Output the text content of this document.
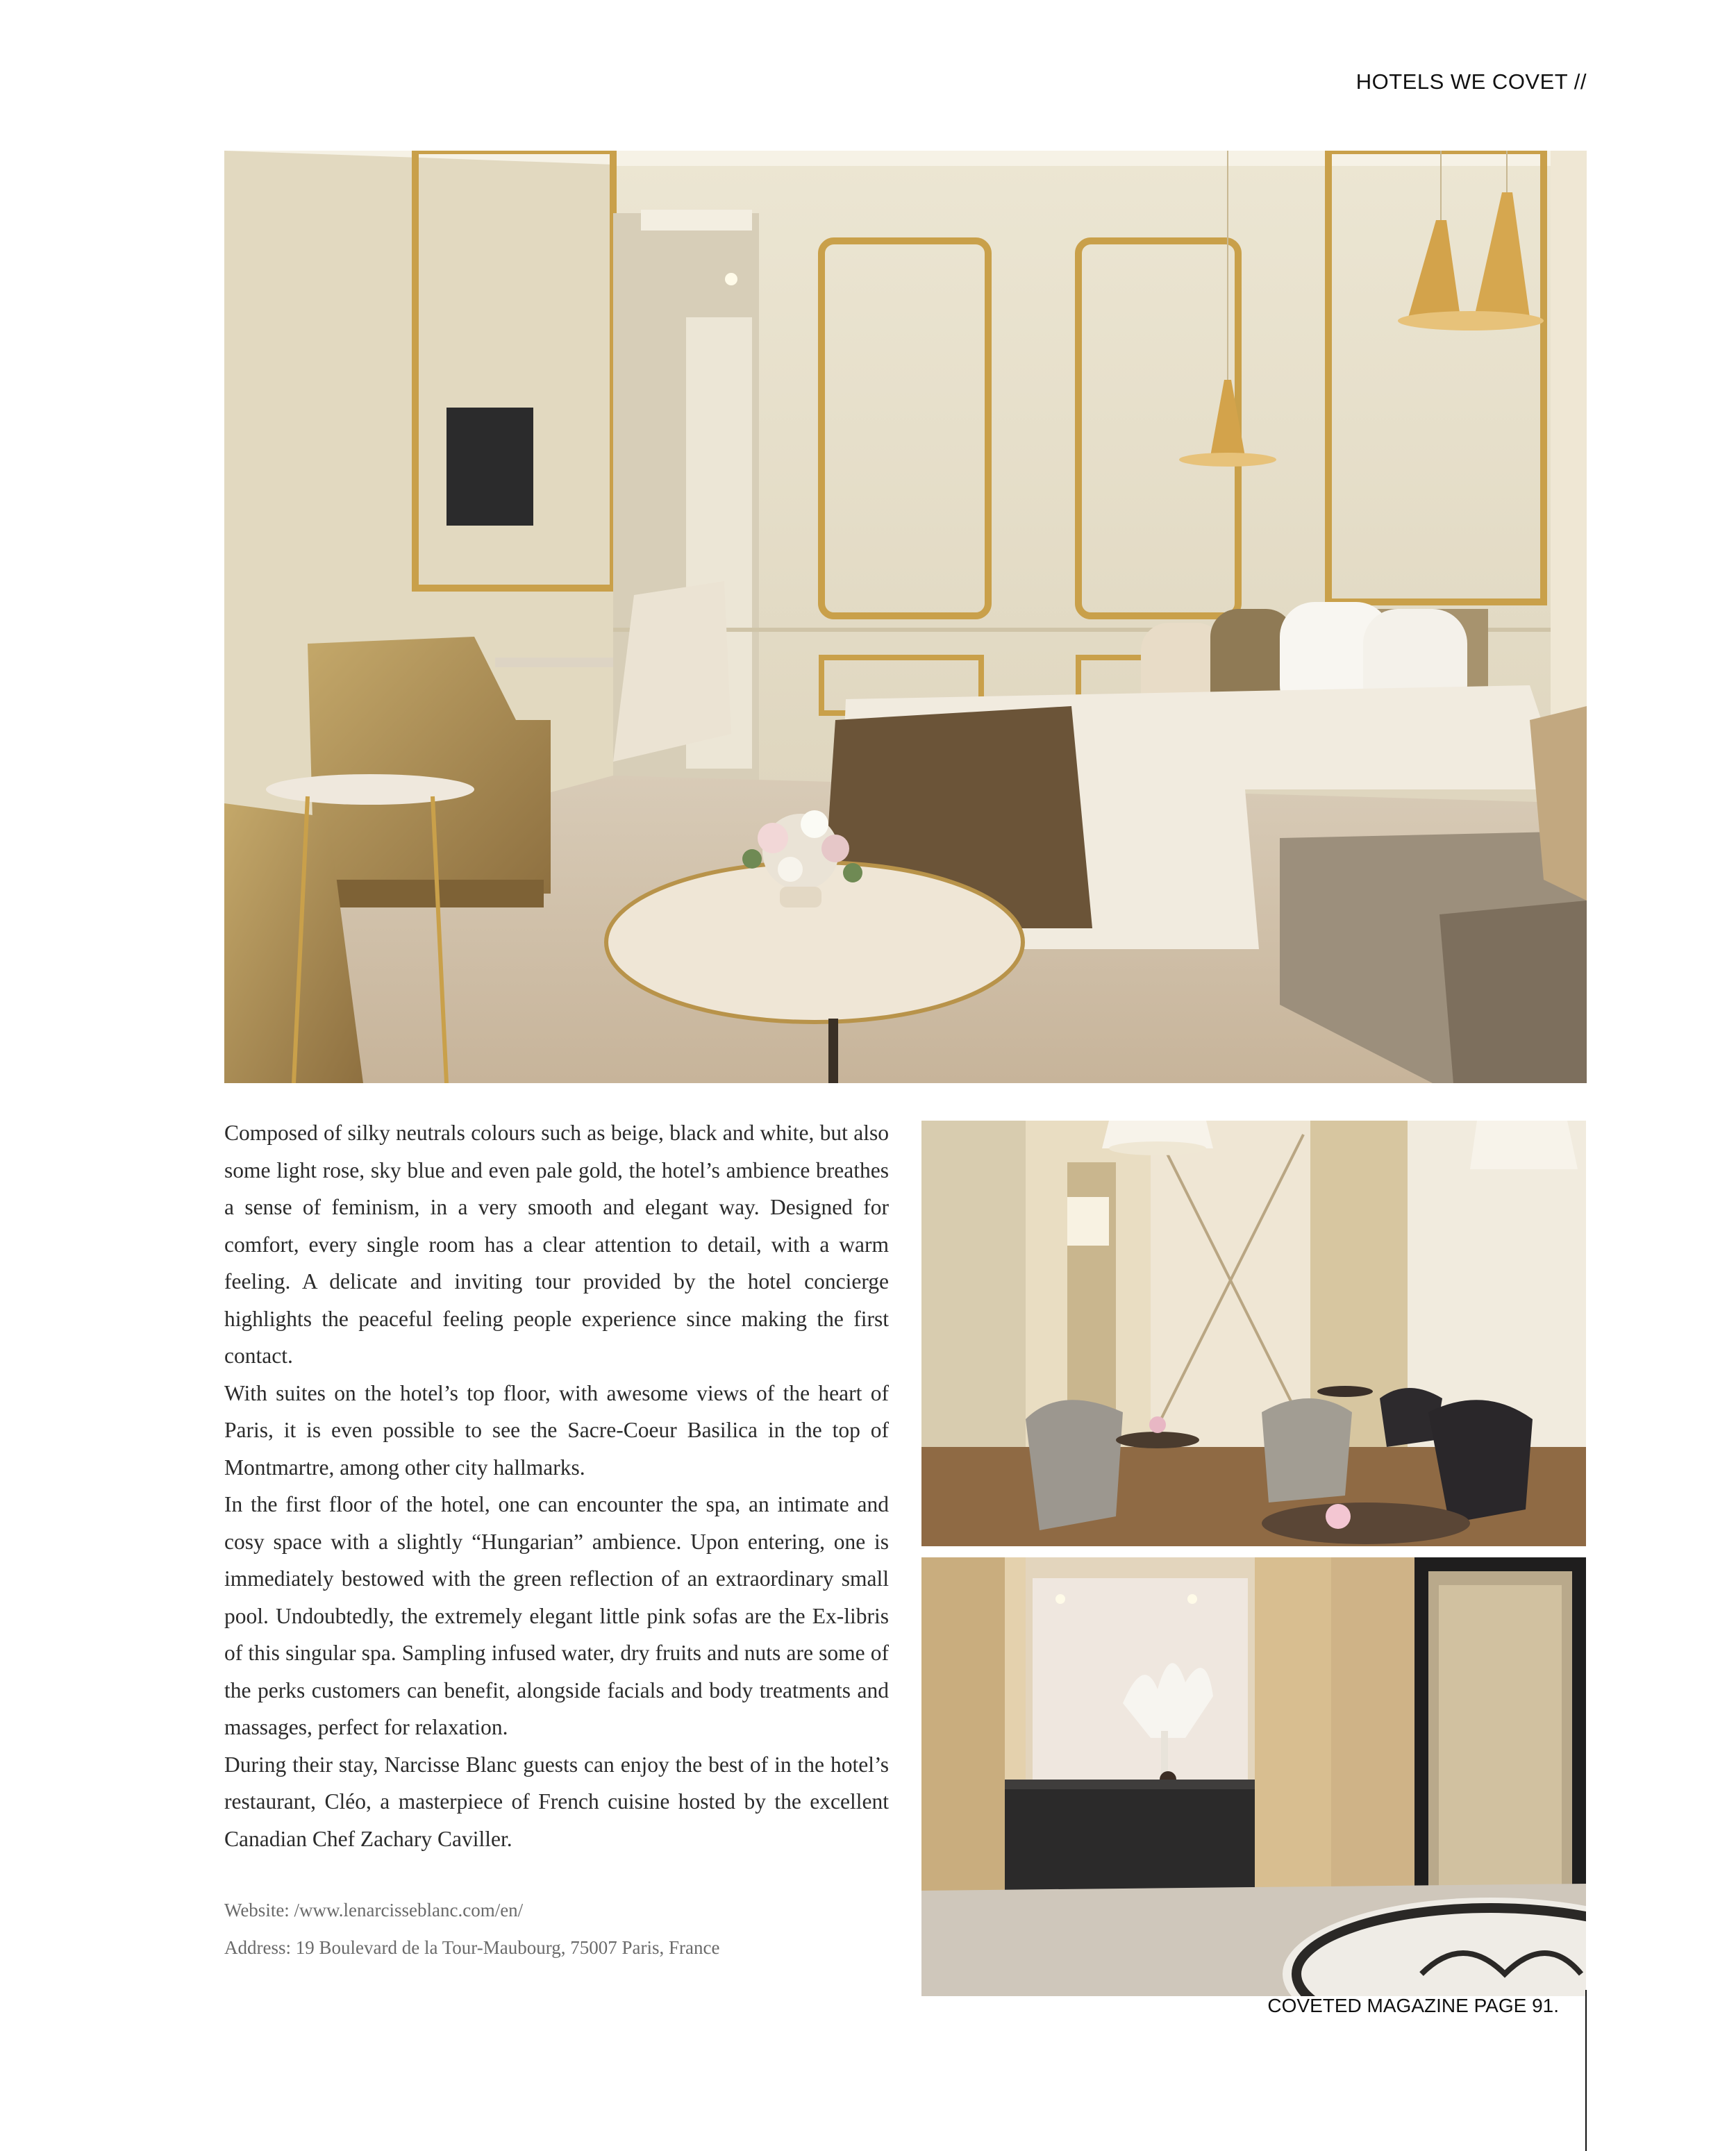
HOTELS WE COVET //

Composed of silky neutrals colours such as beige, black and white, but also some light rose, sky blue and even pale gold, the hotel’s ambience breathes a sense of feminism, in a very smooth and elegant way. Designed for comfort, every single room has a clear attention to detail, with a warm feeling. A delicate and inviting tour provided by the hotel concierge highlights the peaceful feeling people experience since making the first contact.

With suites on the hotel’s top floor, with awesome views of the heart of Paris, it is even possible to see the Sacre-Coeur Basilica in the top of Montmartre, among other city hallmarks.

In the first floor of the hotel, one can encounter the spa, an intimate and cosy space with a slightly “Hungarian” ambience. Upon entering, one is immediately bestowed with the green reflection of an extraordinary small pool. Undoubtedly, the extremely elegant little pink sofas are the Ex-libris of this singular spa. Sampling infused water, dry fruits and nuts are some of the perks customers can benefit, alongside facials and body treatments and massages, perfect for relaxation.

During their stay, Narcisse Blanc guests can enjoy the best of in the hotel’s restaurant, Cléo, a masterpiece of French cuisine hosted by the excellent Canadian Chef Zachary Caviller.

Website: /www.lenarcisseblanc.com/en/
Address: 19 Boulevard de la Tour-Maubourg, 75007 Paris, France
COVETED MAGAZINE PAGE 91.
